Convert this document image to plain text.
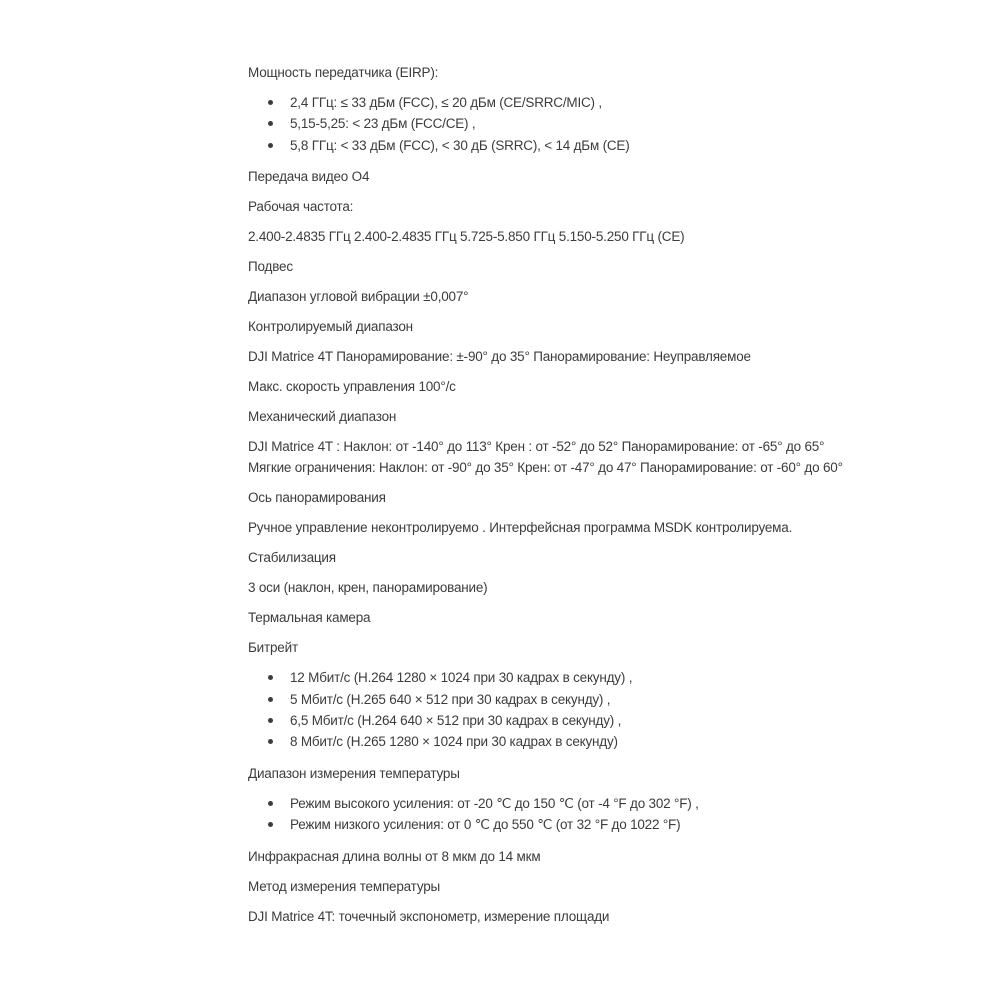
Мощность передатчика (EIRP):

2,4 ГГц: ≤ 33 дБм (FCC), ≤ 20 дБм (CE/SRRC/MIC) ,
5,15-5,25: < 23 дБм (FCC/CE) ,
5,8 ГГц: < 33 дБм (FCC), < 30 дБ (SRRC), < 14 дБм (CE)

Передача видео O4

Рабочая частота:

2.400-2.4835 ГГц 2.400-2.4835 ГГц 5.725-5.850 ГГц 5.150-5.250 ГГц (CE)

Подвес

Диапазон угловой вибрации ±0,007°

Контролируемый диапазон

DJI Matrice 4T Панорамирование: ±-90° до 35° Панорамирование: Неуправляемое

Макс. скорость управления 100°/с

Механический диапазон

DJI Matrice 4T : Наклон: от -140° до 113° Крен : от -52° до 52° Панорамирование: от -65° до 65°
Мягкие ограничения: Наклон: от -90° до 35° Крен: от -47° до 47° Панорамирование: от -60° до 60°

Ось панорамирования

Ручное управление неконтролируемо . Интерфейсная программа MSDK контролируема.

Стабилизация

3 оси (наклон, крен, панорамирование)

Термальная камера

Битрейт

12 Мбит/с (H.264 1280 × 1024 при 30 кадрах в секунду) ,
5 Мбит/с (H.265 640 × 512 при 30 кадрах в секунду) ,
6,5 Мбит/с (H.264 640 × 512 при 30 кадрах в секунду) ,
8 Мбит/с (H.265 1280 × 1024 при 30 кадрах в секунду)

Диапазон измерения температуры

Режим высокого усиления: от -20 ℃ до 150 ℃ (от -4 °F до 302 °F) ,
Режим низкого усиления: от 0 ℃ до 550 ℃ (от 32 °F до 1022 °F)

Инфракрасная длина волны от 8 мкм до 14 мкм

Метод измерения температуры

DJI Matrice 4T: точечный экспонометр, измерение площади
